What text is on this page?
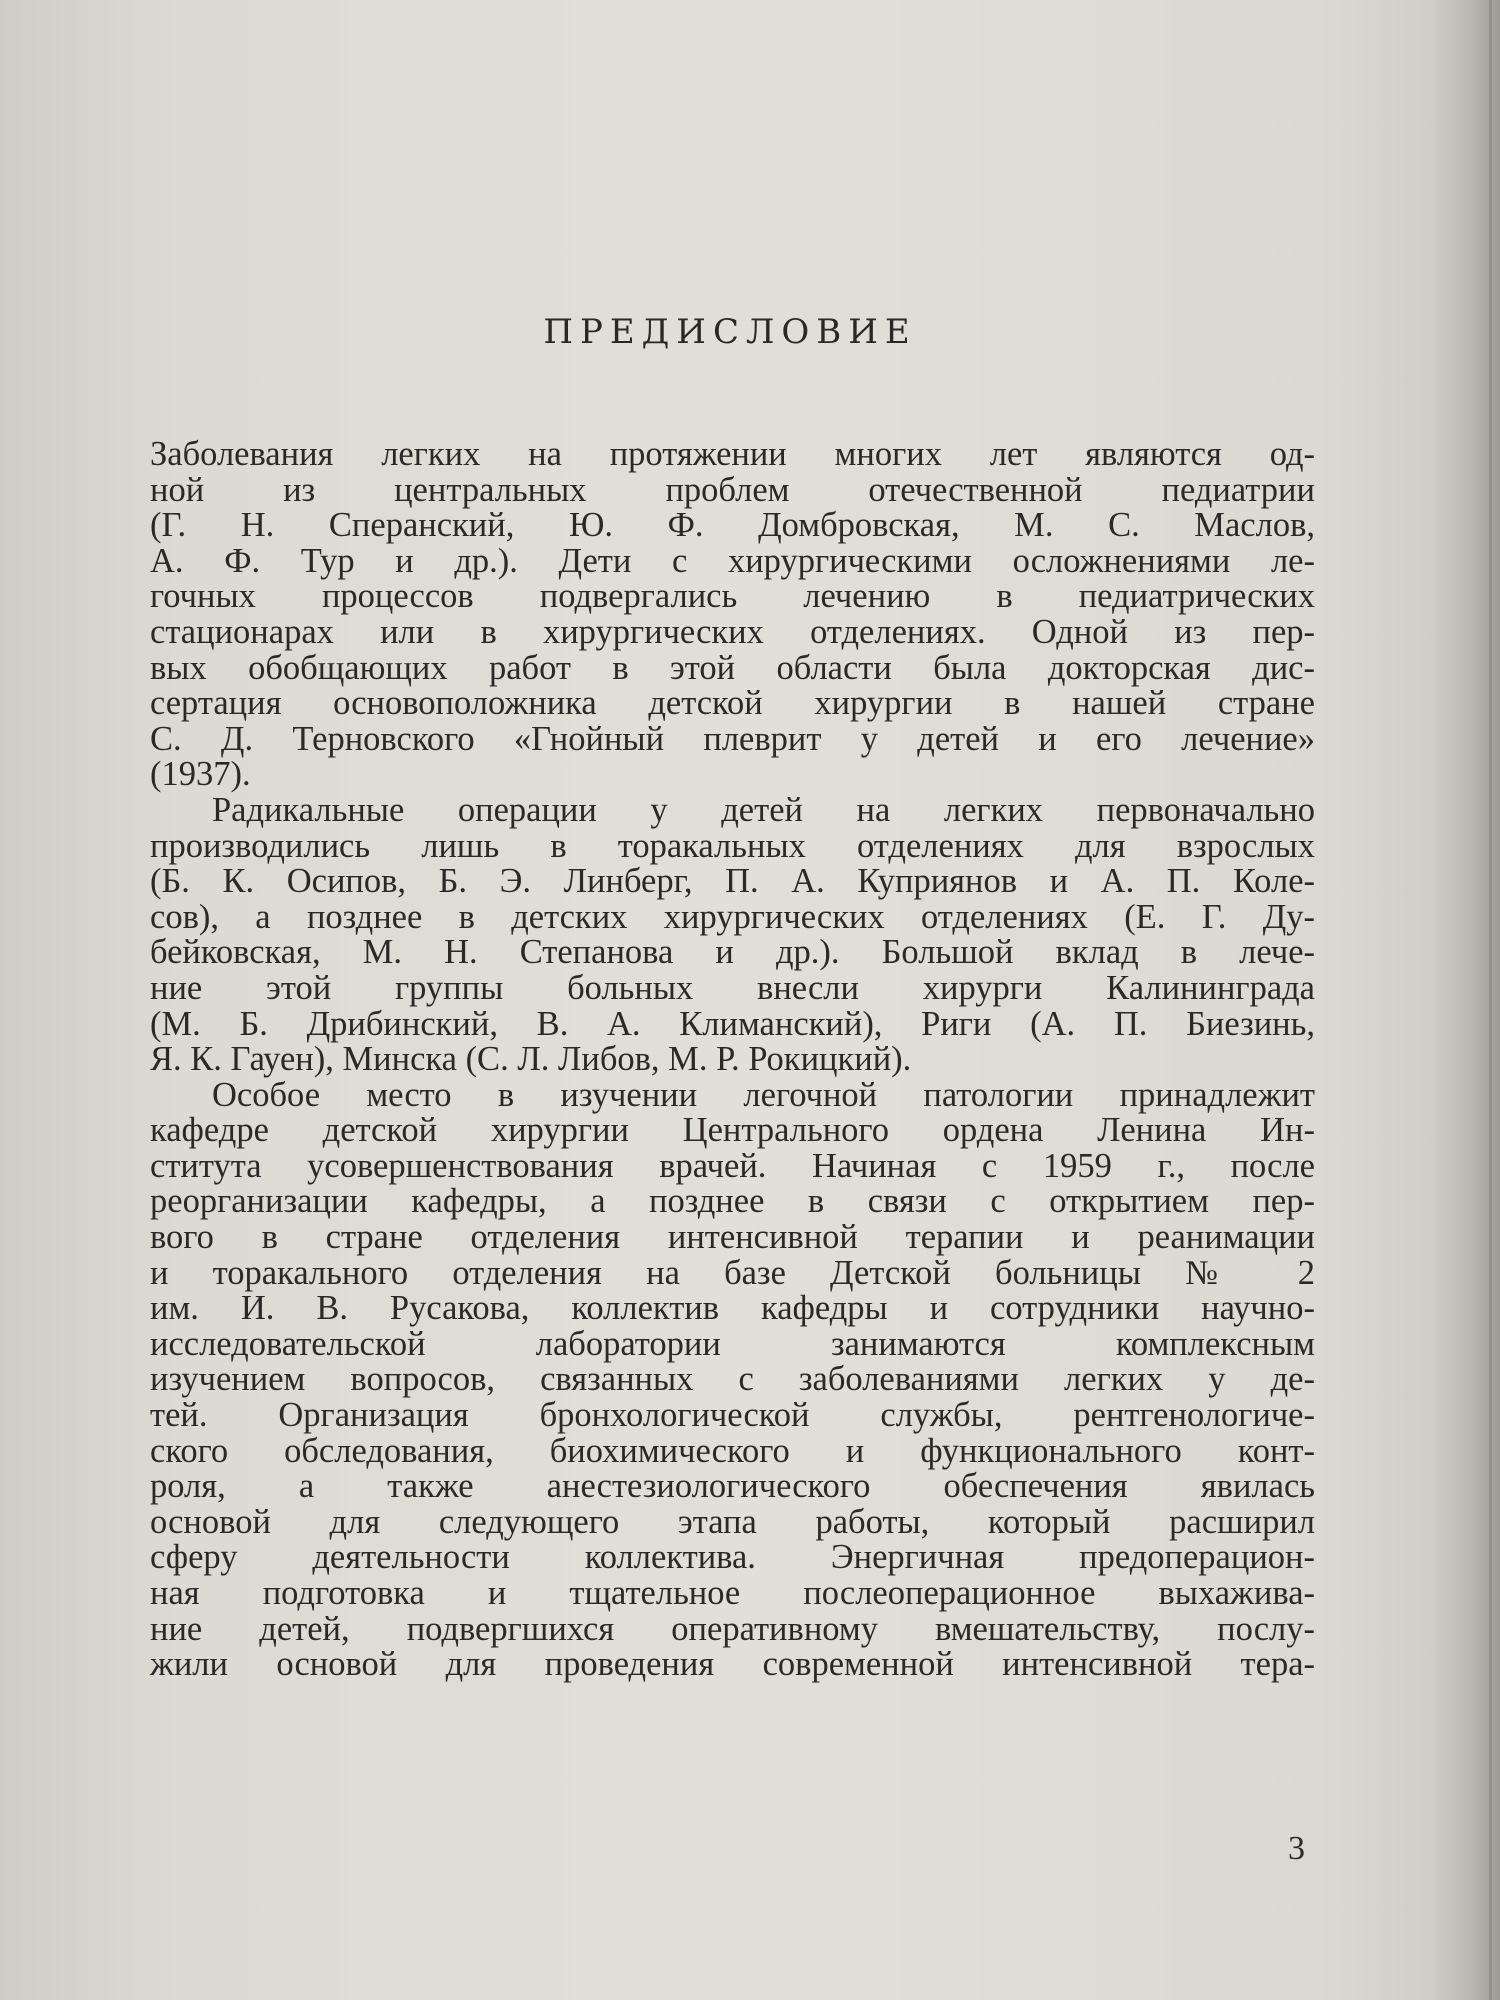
ПРЕДИСЛОВИЕ
Заболевания легких на протяжении многих лет являются од-
ной из центральных проблем отечественной педиатрии
(Г. Н. Сперанский, Ю. Ф. Домбровская, М. С. Маслов,
А. Ф. Тур и др.). Дети с хирургическими осложнениями ле-
гочных процессов подвергались лечению в педиатрических
стационарах или в хирургических отделениях. Одной из пер-
вых обобщающих работ в этой области была докторская дис-
сертация основоположника детской хирургии в нашей стране
С. Д. Терновского «Гнойный плеврит у детей и его лечение»
(1937).
Радикальные операции у детей на легких первоначально
производились лишь в торакальных отделениях для взрослых
(Б. К. Осипов, Б. Э. Линберг, П. А. Куприянов и А. П. Коле-
сов), а позднее в детских хирургических отделениях (Е. Г. Ду-
бейковская, М. Н. Степанова и др.). Большой вклад в лече-
ние этой группы больных внесли хирурги Калининграда
(М. Б. Дрибинский, В. А. Климанский), Риги (А. П. Биезинь,
Я. К. Гауен), Минска (С. Л. Либов, М. Р. Рокицкий).
Особое место в изучении легочной патологии принадлежит
кафедре детской хирургии Центрального ордена Ленина Ин-
ститута усовершенствования врачей. Начиная с 1959 г., после
реорганизации кафедры, а позднее в связи с открытием пер-
вого в стране отделения интенсивной терапии и реанимации
и торакального отделения на базе Детской больницы № 2
им. И. В. Русакова, коллектив кафедры и сотрудники научно-
исследовательской лаборатории занимаются комплексным
изучением вопросов, связанных с заболеваниями легких у де-
тей. Организация бронхологической службы, рентгенологиче-
ского обследования, биохимического и функционального конт-
роля, а также анестезиологического обеспечения явилась
основой для следующего этапа работы, который расширил
сферу деятельности коллектива. Энергичная предоперацион-
ная подготовка и тщательное послеоперационное выхажива-
ние детей, подвергшихся оперативному вмешательству, послу-
жили основой для проведения современной интенсивной тера-
3
